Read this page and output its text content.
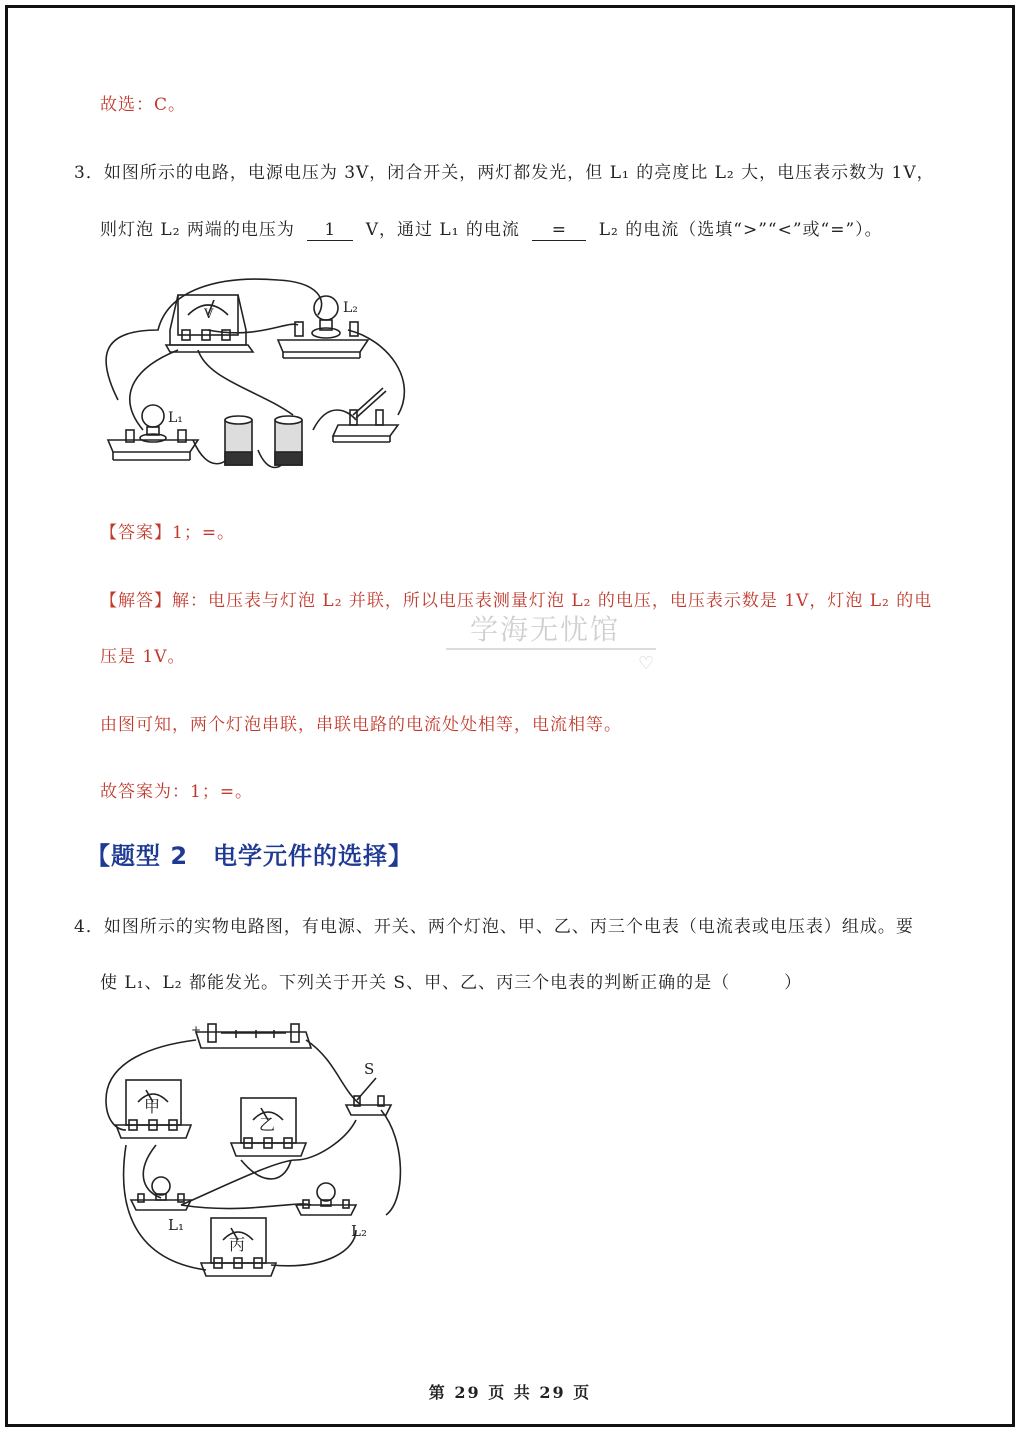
故选：C。
3．如图所示的电路，电源电压为 3V，闭合开关，两灯都发光，但 L₁ 的亮度比 L₂ 大，电压表示数为 1V，
则灯泡 L₂ 两端的电压为 1 V，通过 L₁ 的电流 = L₂ 的电流（选填“>”“<”或“=”）。
V
L₁
L₂
【答案】1；=。
【解答】解：电压表与灯泡 L₂ 并联，所以电压表测量灯泡 L₂ 的电压，电压表示数是 1V，灯泡 L₂ 的电
压是 1V。
由图可知，两个灯泡串联，串联电路的电流处处相等，电流相等。
故答案为：1；=。
学海无忧馆
♡
【题型 2　电学元件的选择】
4．如图所示的实物电路图，有电源、开关、两个灯泡、甲、乙、丙三个电表（电流表或电压表）组成。要
使 L₁、L₂ 都能发光。下列关于开关 S、甲、乙、丙三个电表的判断正确的是（　　　）
+
S
甲
乙
丙
L₁	L₂
第 29 页 共 29 页
